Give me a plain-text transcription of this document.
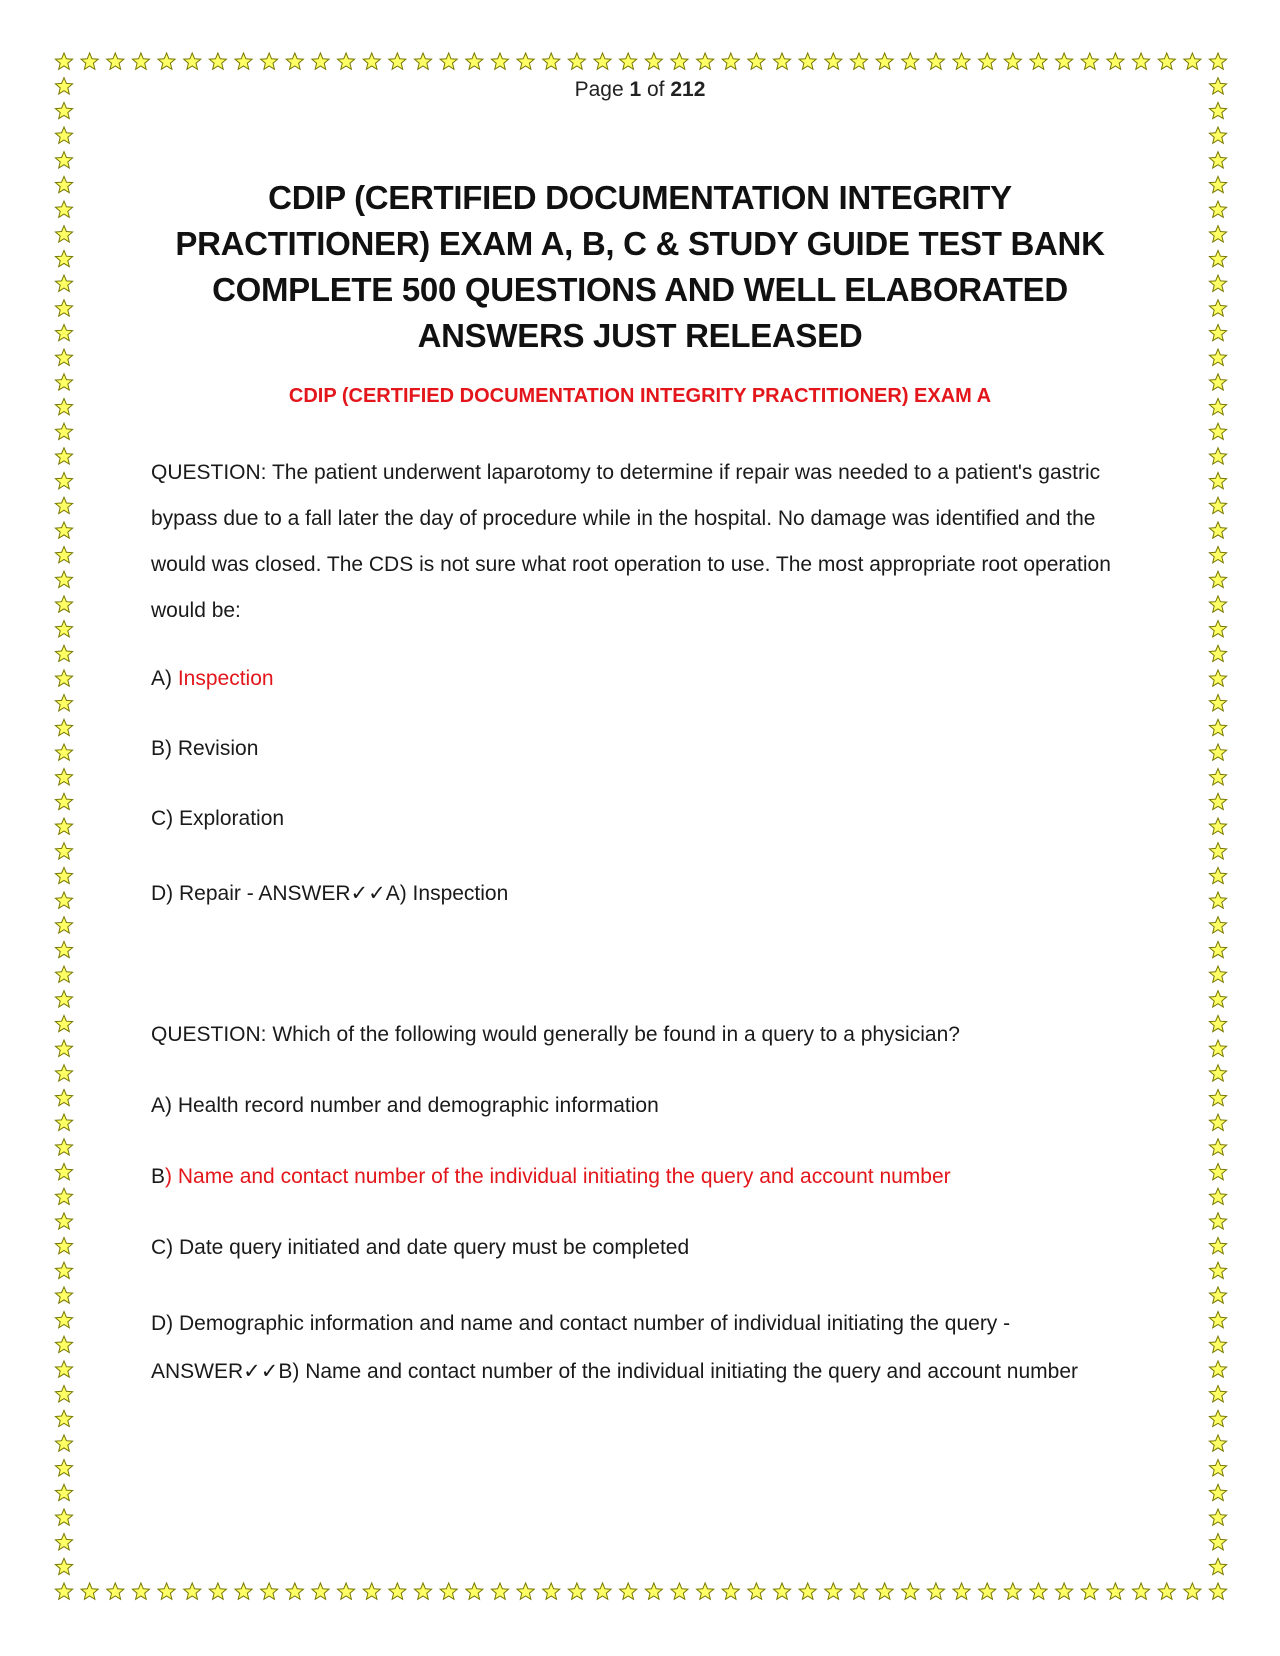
Page 1 of 212
CDIP (CERTIFIED DOCUMENTATION INTEGRITY PRACTITIONER) EXAM A, B, C & STUDY GUIDE TEST BANK COMPLETE 500 QUESTIONS AND WELL ELABORATED ANSWERS JUST RELEASED
CDIP (CERTIFIED DOCUMENTATION INTEGRITY PRACTITIONER) EXAM A

QUESTION: The patient underwent laparotomy to determine if repair was needed to a patient's gastric bypass due to a fall later the day of procedure while in the hospital. No damage was identified and the would was closed. The CDS is not sure what root operation to use. The most appropriate root operation would be:

A) Inspection
B) Revision
C) Exploration
D) Repair - ANSWER✓✓A) Inspection
QUESTION: Which of the following would generally be found in a query to a physician?
A) Health record number and demographic information
B) Name and contact number of the individual initiating the query and account number
C) Date query initiated and date query must be completed
D) Demographic information and name and contact number of individual initiating the query - ANSWER✓✓B) Name and contact number of the individual initiating the query and account number
